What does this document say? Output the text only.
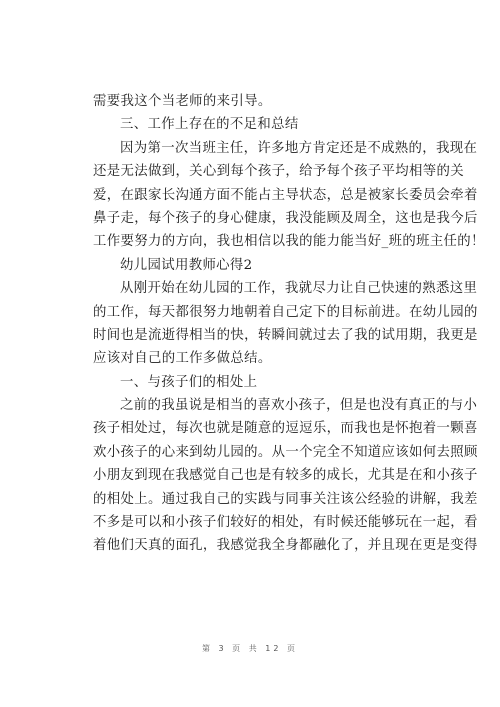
需要我这个当老师的来引导。
三、工作上存在的不足和总结
因为第一次当班主任，许多地方肯定还是不成熟的，我现在
还是无法做到，关心到每个孩子，给予每个孩子平均相等的关
爱，在跟家长沟通方面不能占主导状态，总是被家长委员会牵着
鼻子走，每个孩子的身心健康，我没能顾及周全，这也是我今后
工作要努力的方向，我也相信以我的能力能当好_班的班主任的！
幼儿园试用教师心得2
从刚开始在幼儿园的工作，我就尽力让自己快速的熟悉这里
的工作，每天都很努力地朝着自己定下的目标前进。在幼儿园的
时间也是流逝得相当的快，转瞬间就过去了我的试用期，我更是
应该对自己的工作多做总结。
一、与孩子们的相处上
之前的我虽说是相当的喜欢小孩子，但是也没有真正的与小
孩子相处过，每次也就是随意的逗逗乐，而我也是怀抱着一颗喜
欢小孩子的心来到幼儿园的。从一个完全不知道应该如何去照顾
小朋友到现在我感觉自己也是有较多的成长，尤其是在和小孩子
的相处上。通过我自己的实践与同事关注该公经验的讲解，我差
不多是可以和小孩子们较好的相处，有时候还能够玩在一起，看
着他们天真的面孔，我感觉我全身都融化了，并且现在更是变得
第 3 页 共 12 页
